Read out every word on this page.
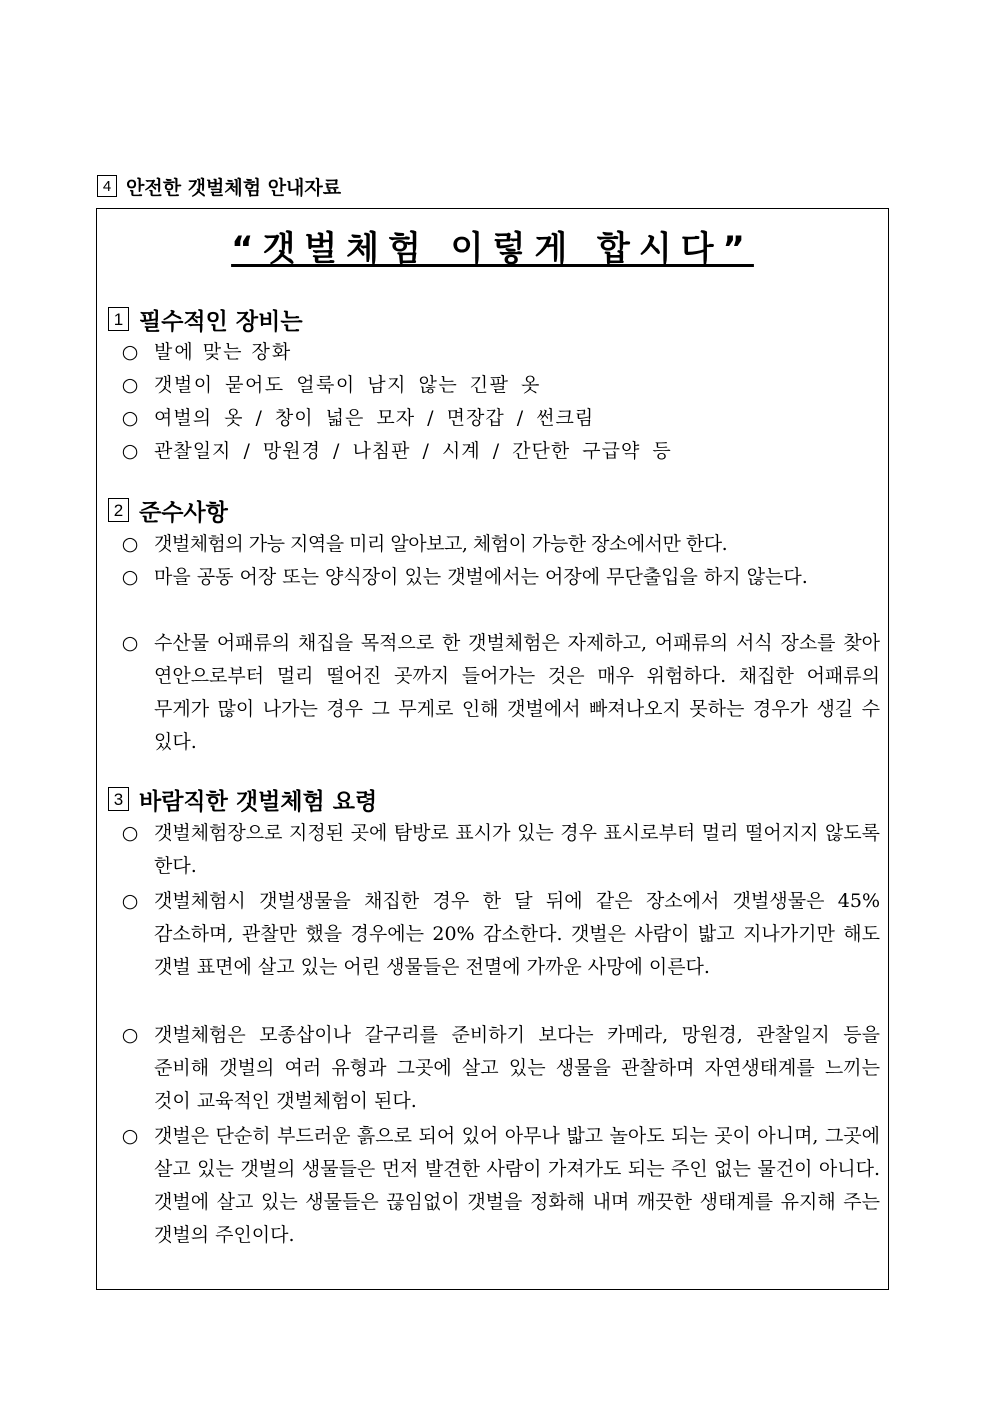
4 안전한 갯벌체험 안내자료
“갯벌체험 이렇게 합시다”
1 필수적인 장비는
○ 발에 맞는 장화
○ 갯벌이 묻어도 얼룩이 남지 않는 긴팔 옷
○ 여벌의 옷 / 창이 넓은 모자 / 면장갑 / 썬크림
○ 관찰일지 / 망원경 / 나침판 / 시계 / 간단한 구급약 등
2 준수사항
○ 갯벌체험의 가능 지역을 미리 알아보고, 체험이 가능한 장소에서만 한다.
○ 마을 공동 어장 또는 양식장이 있는 갯벌에서는 어장에 무단출입을 하지 않는다.
○ 수산물 어패류의 채집을 목적으로 한 갯벌체험은 자제하고, 어패류의 서식 장소를 찾아 연안으로부터 멀리 떨어진 곳까지 들어가는 것은 매우 위험하다. 채집한 어패류의 무게가 많이 나가는 경우 그 무게로 인해 갯벌에서 빠져나오지 못하는 경우가 생길 수 있다.
3 바람직한 갯벌체험 요령
○ 갯벌체험장으로 지정된 곳에 탐방로 표시가 있는 경우 표시로부터 멀리 떨어지지 않도록 한다.
○ 갯벌체험시 갯벌생물을 채집한 경우 한 달 뒤에 같은 장소에서 갯벌생물은 45% 감소하며, 관찰만 했을 경우에는 20% 감소한다. 갯벌은 사람이 밟고 지나가기만 해도 갯벌 표면에 살고 있는 어린 생물들은 전멸에 가까운 사망에 이른다.
○ 갯벌체험은 모종삽이나 갈구리를 준비하기 보다는 카메라, 망원경, 관찰일지 등을 준비해 갯벌의 여러 유형과 그곳에 살고 있는 생물을 관찰하며 자연생태계를 느끼는 것이 교육적인 갯벌체험이 된다.
○ 갯벌은 단순히 부드러운 흙으로 되어 있어 아무나 밟고 놀아도 되는 곳이 아니며, 그곳에 살고 있는 갯벌의 생물들은 먼저 발견한 사람이 가져가도 되는 주인 없는 물건이 아니다. 갯벌에 살고 있는 생물들은 끊임없이 갯벌을 정화해 내며 깨끗한 생태계를 유지해 주는 갯벌의 주인이다.
